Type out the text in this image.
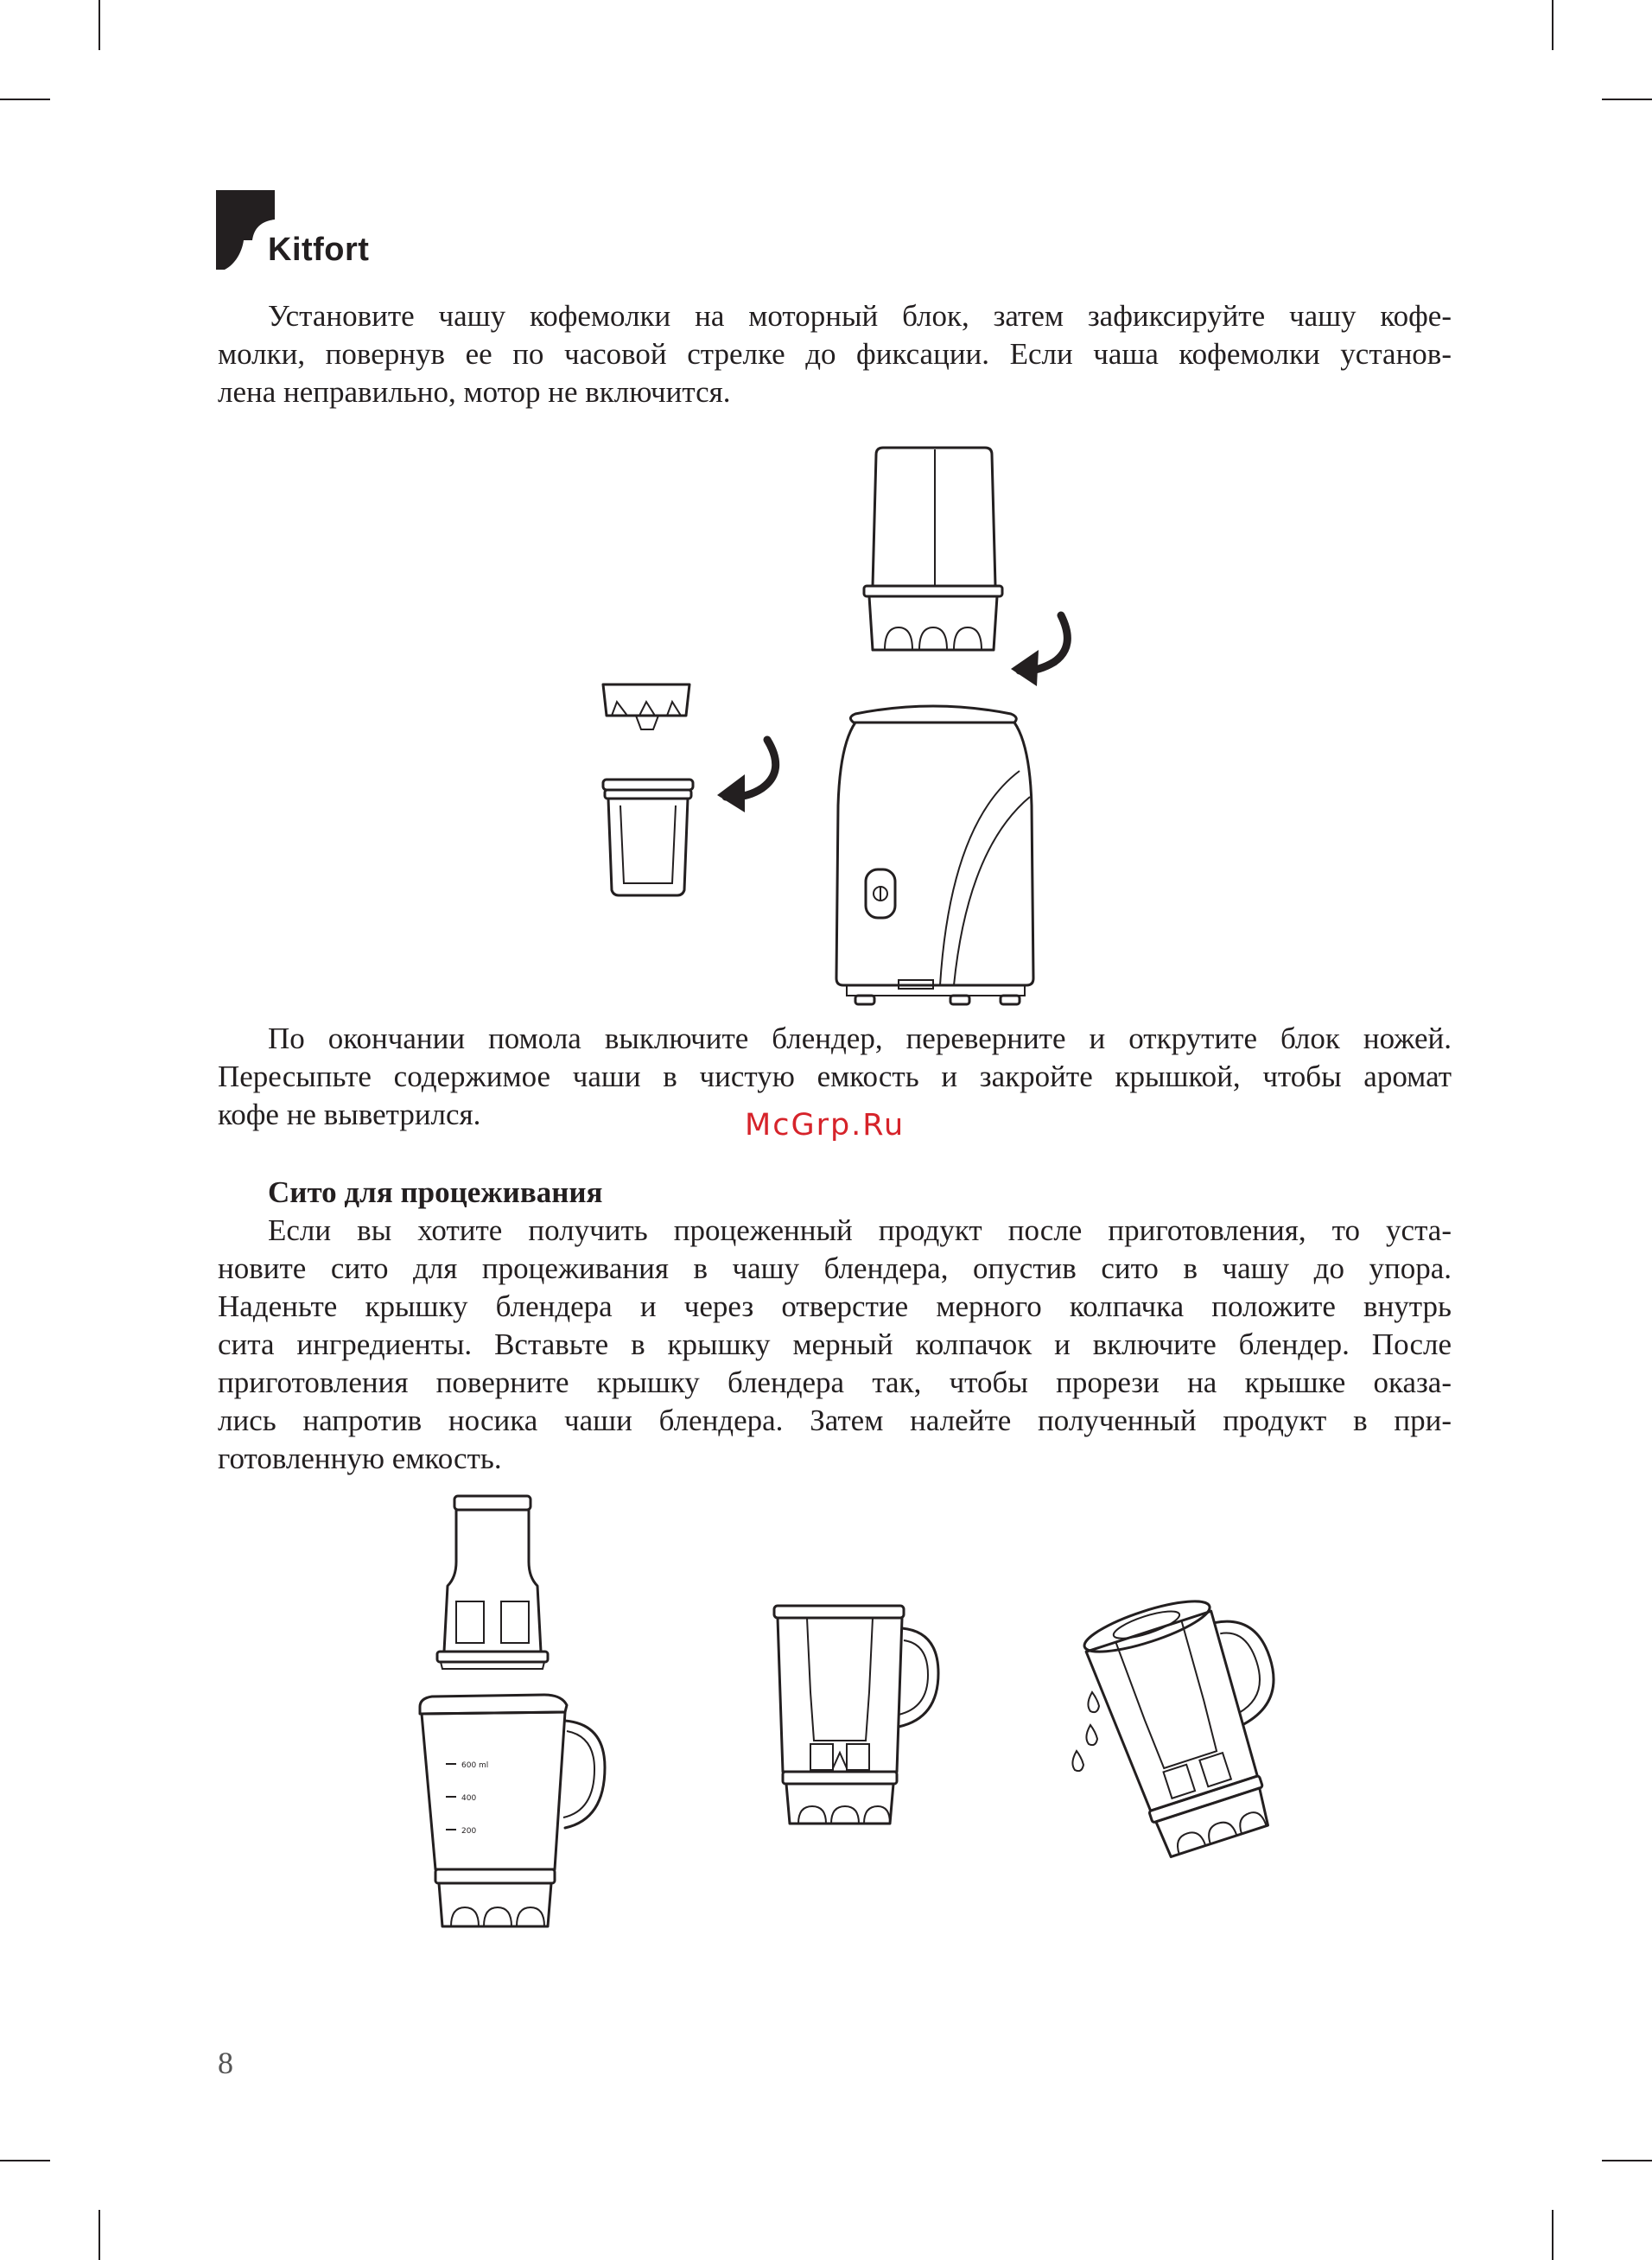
Kitfort
Установите чашу кофемолки на моторный блок, затем зафиксируйте чашу кофе-
молки, повернув ее по часовой стрелке до фиксации. Если чаша кофемолки установ-
лена неправильно, мотор не включится.
По окончании помола выключите блендер, переверните и открутите блок ножей.
Пересыпьте содержимое чаши в чистую емкость и закройте крышкой, чтобы аромат
кофе не выветрился.	McGrp.Ru
Сито для процеживания
Если вы хотите получить процеженный продукт после приготовления, то уста-
новите сито для процеживания в чашу блендера, опустив сито в чашу до упора.
Наденьте крышку блендера и через отверстие мерного колпачка положите внутрь
сита ингредиенты. Вставьте в крышку мерный колпачок и включите блендер. После
приготовления поверните крышку блендера так, чтобы прорези на крышке оказа-
лись напротив носика чаши блендера. Затем налейте полученный продукт в при-
готовленную емкость.
600 ml
400
200
8
